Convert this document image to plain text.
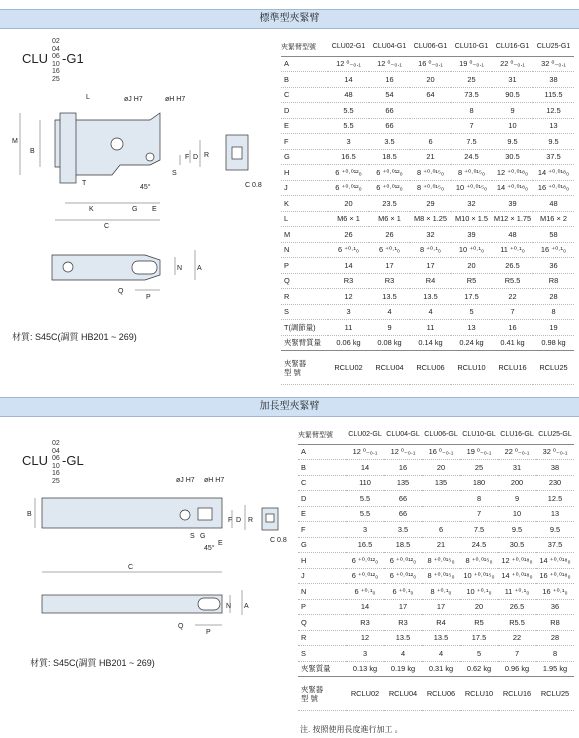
標準型夾緊臂
CLU
02
04
06
10
16
25
-G1
L	øJ H7	øH H7
M
B
T
K	G E
C
F D R
S
45°	C 0.8
N A
Q
P
材質: S45C(調質 HB201 ~ 269)
夾緊臂型號	CLU02-G1	CLU04-G1	CLU06-G1	CLU10-G1	CLU16-G1	CLU25-G1
A	12 ⁰₋₀.₁	12 ⁰₋₀.₁	16 ⁰₋₀.₁	19 ⁰₋₀.₁	22 ⁰₋₀.₁	32 ⁰₋₀.₁
B	14	16	20	25	31	38
C	48	54	64	73.5	90.5	115.5
D	5.5	66		8	9	12.5
E	5.5	66		7	10	13
F	3	3.5	6	7.5	9.5	9.5
G	16.5	18.5	21	24.5	30.5	37.5
H	6 ⁺⁰·⁰¹²₀	6 ⁺⁰·⁰¹²₀	8 ⁺⁰·⁰¹⁵₀	8 ⁺⁰·⁰¹⁵₀	12 ⁺⁰·⁰¹⁸₀	14 ⁺⁰·⁰¹⁸₀
J	6 ⁺⁰·⁰¹²₀	6 ⁺⁰·⁰¹²₀	8 ⁺⁰·⁰¹⁵₀	10 ⁺⁰·⁰¹⁵₀	14 ⁺⁰·⁰¹⁸₀	16 ⁺⁰·⁰¹⁸₀
K	20	23.5	29	32	39	48
L	M6 × 1	M6 × 1	M8 × 1.25	M10 × 1.5	M12 × 1.75	M16 × 2
M	26	26	32	39	48	58
N	6 ⁺⁰·¹₀	6 ⁺⁰·¹₀	8 ⁺⁰·¹₀	10 ⁺⁰·¹₀	11 ⁺⁰·¹₀	16 ⁺⁰·¹₀
P	14	17	17	20	26.5	36
Q	R3	R3	R4	R5	R5.5	R8
R	12	13.5	13.5	17.5	22	28
S	3	4	4	5	7	8
T(調節量)	11	9	11	13	16	19
夾緊臂質量	0.06 kg	0.08 kg	0.14 kg	0.24 kg	0.41 kg	0.98 kg
夾緊器
型 號	RCLU02	RCLU04	RCLU06	RCLU10	RCLU16	RCLU25
加長型夾緊臂
CLU
02
04
06
10
16
25
-GL
øJ H7 øH H7
B
G
E
C
F D R
S
45°
C 0.8
N A
Q
P
材質: S45C(調質 HB201 ~ 269)
夾緊臂型號	CLU02-GL	CLU04-GL	CLU06-GL	CLU10-GL	CLU16-GL	CLU25-GL
A	12 ⁰₋₀.₁	12 ⁰₋₀.₁	16 ⁰₋₀.₁	19 ⁰₋₀.₁	22 ⁰₋₀.₁	32 ⁰₋₀.₁
B	14	16	20	25	31	38
C	110	135	135	180	200	230
D	5.5	66		8	9	12.5
E	5.5	66		7	10	13
F	3	3.5	6	7.5	9.5	9.5
G	16.5	18.5	21	24.5	30.5	37.5
H	6 ⁺⁰·⁰¹²₀	6 ⁺⁰·⁰¹²₀	8 ⁺⁰·⁰¹⁵₀	8 ⁺⁰·⁰¹⁵₀	12 ⁺⁰·⁰¹⁸₀	14 ⁺⁰·⁰¹⁸₀
J	6 ⁺⁰·⁰¹²₀	6 ⁺⁰·⁰¹²₀	8 ⁺⁰·⁰¹⁵₀	10 ⁺⁰·⁰¹⁵₀	14 ⁺⁰·⁰¹⁸₀	16 ⁺⁰·⁰¹⁸₀
N	6 ⁺⁰·¹₀	6 ⁺⁰·¹₀	8 ⁺⁰·¹₀	10 ⁺⁰·¹₀	11 ⁺⁰·¹₀	16 ⁺⁰·¹₀
P	14	17	17	20	26.5	36
Q	R3	R3	R4	R5	R5.5	R8
R	12	13.5	13.5	17.5	22	28
S	3	4	4	5	7	8
夾緊質量	0.13 kg	0.19 kg	0.31 kg	0.62 kg	0.96 kg	1.95 kg
夾緊器
型 號	RCLU02	RCLU04	RCLU06	RCLU10	RCLU16	RCLU25
注. 按照使用長度進行加工 。
